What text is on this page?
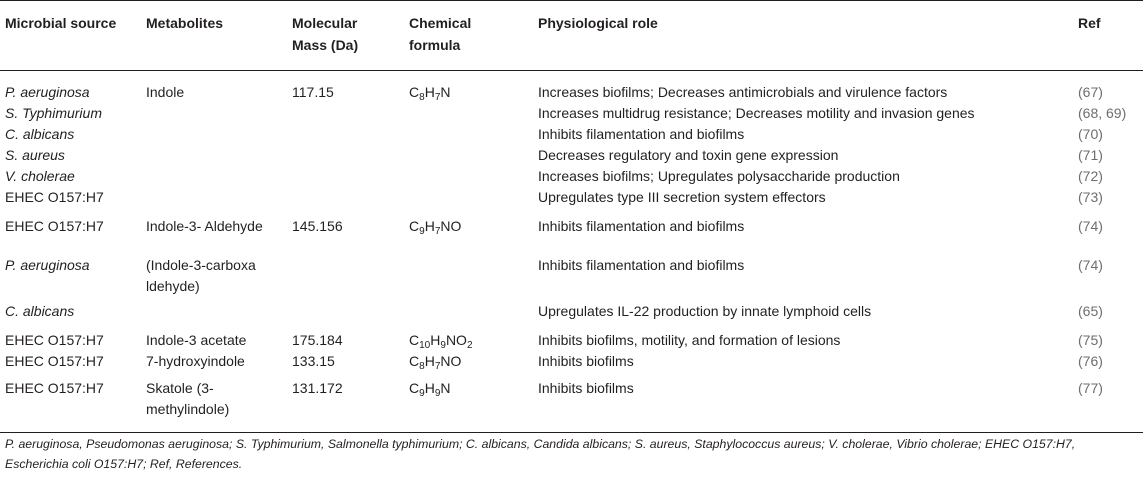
Microbial source	Metabolites	Molecular Mass (Da)	Chemical formula	Physiological role	Ref
P. aeruginosa	Indole	117.15	$C_8H_7N$	Increases biofilms; Decreases antimicrobials and virulence factors	(67)
S. Typhimurium				Increases multidrug resistance; Decreases motility and invasion genes	(68, 69)
C. albicans				Inhibits filamentation and biofilms	(70)
S. aureus				Decreases regulatory and toxin gene expression	(71)
V. cholerae				Increases biofilms; Upregulates polysaccharide production	(72)
EHEC O157:H7				Upregulates type III secretion system effectors	(73)
EHEC O157:H7	Indole-3- Aldehyde	145.156	$C_9H_7NO$	Inhibits filamentation and biofilms	(74)
P. aeruginosa	(Indole-3-carboxaldehyde)			Inhibits filamentation and biofilms	(74)
C. albicans				Upregulates IL-22 production by innate lymphoid cells	(65)
EHEC O157:H7	Indole-3 acetate	175.184	$C_{10}H_9NO_2$	Inhibits biofilms, motility, and formation of lesions	(75)
EHEC O157:H7	7-hydroxyindole	133.15	$C_8H_7NO$	Inhibits biofilms	(76)
EHEC O157:H7	Skatole (3-methylindole)	131.172	$C_9H_9N$	Inhibits biofilms	(77)
P. aeruginosa, Pseudomonas aeruginosa; S. Typhimurium, Salmonella typhimurium; C. albicans, Candida albicans; S. aureus, Staphylococcus aureus; V. cholerae, Vibrio cholerae; EHEC O157:H7, Escherichia coli O157:H7; Ref, References.
